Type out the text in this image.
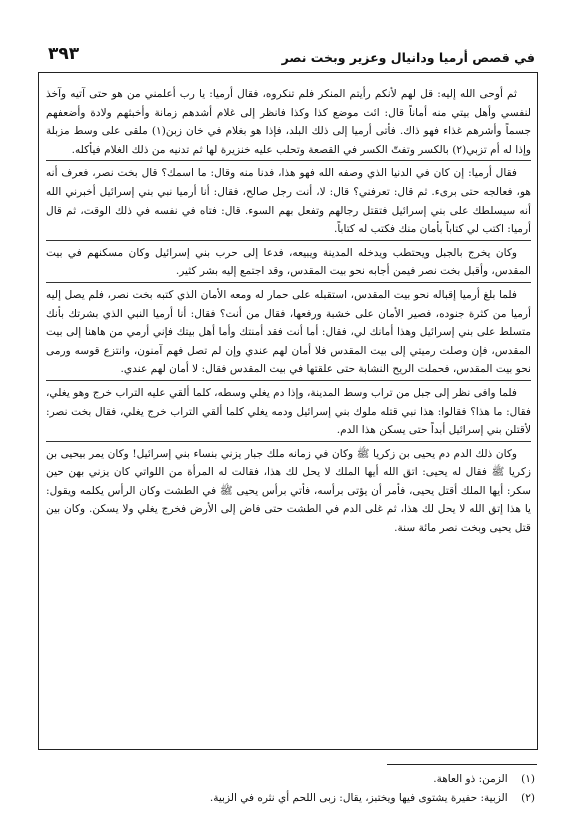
٣٩٣	في قصص أرميا ودانيال وعزير وبخت نصر

ثم أوحى الله إليه: قل لهم لأنكم رأيتم المنكر فلم تنكروه، فقال أرميا: يا رب أعلمني من هو حتى آتيه وآخذ لنفسي وأهل بيتي منه أماناً قال: ائت موضع كذا وكذا فانظر إلى غلام أشدهم زمانة وأخبثهم ولادة وأضعفهم جسماً وأشرهم غذاء فهو ذاك. فأتى أرميا إلى ذلك البلد، فإذا هو بغلام في خان زبن(١) ملقى على وسط مزبلة وإذا له أم تزبي(٢) بالكسر وتفتّ الكسر في القصعة وتحلب عليه خنزيرة لها ثم تدنيه من ذلك الغلام فيأكله.

فقال أرميا: إن كان في الدنيا الذي وصفه الله فهو هذا، فدنا منه وقال: ما اسمك؟ قال بخت نصر، فعرف أنه هو، فعالجه حتى برىء. ثم قال: تعرفني؟ قال: لا، أنت رجل صالح، فقال: أنا أرميا نبي بني إسرائيل أخبرني الله أنه سيسلطك على بني إسرائيل فتقتل رجالهم وتفعل بهم السوء. قال: فتاه في نفسه في ذلك الوقت، ثم قال أرميا: اكتب لي كتاباً بأمان منك فكتب له كتاباً.

وكان يخرج بالجبل ويحتطب ويدخله المدينة ويبيعه، فدعا إلى حرب بني إسرائيل وكان مسكنهم في بيت المقدس، وأقبل بخت نصر فيمن أجابه نحو بيت المقدس، وقد اجتمع إليه بشر كثير.

فلما بلغ أرميا إقباله نحو بيت المقدس، استقبله على حمار له ومعه الأمان الذي كتبه بخت نصر، فلم يصل إليه أرميا من كثرة جنوده، فصير الأمان على خشبة ورفعها، فقال من أنت؟ فقال: أنا أرميا النبي الذي بشرتك بأنك متسلط على بني إسرائيل وهذا أمانك لي، فقال: أما أنت فقد أمنتك وأما أهل بيتك فإني أرمي من هاهنا إلى بيت المقدس، فإن وصلت رميتي إلى بيت المقدس فلا أمان لهم عندي وإن لم تصل فهم آمنون، وانتزع قوسه ورمى نحو بيت المقدس، فحملت الريح النشابة حتى علقتها في بيت المقدس فقال: لا أمان لهم عندي.

فلما وافى نظر إلى جبل من تراب وسط المدينة، وإذا دم يغلي وسطه، كلما ألقي عليه التراب خرج وهو يغلي، فقال: ما هذا؟ فقالوا: هذا نبي قتله ملوك بني إسرائيل ودمه يغلي كلما ألقي التراب خرج يغلي، فقال بخت نصر: لأقتلن بني إسرائيل أبداً حتى يسكن هذا الدم.

وكان ذلك الدم دم يحيى بن زكريا ﷺ وكان في زمانه ملك جبار يزني بنساء بني إسرائيل! وكان يمر بيحيى بن زكريا ﷺ فقال له يحيى: اتق الله أيها الملك لا يحل لك هذا، فقالت له المرأة من اللواتي كان يزني بهن حين سكر: أيها الملك أقتل يحيى، فأمر أن يؤتى برأسه، فأتي برأس يحيى ﷺ في الطشت وكان الرأس يكلمه ويقول: يا هذا إتق الله لا يحل لك هذا، ثم غلى الدم في الطشت حتى فاض إلى الأرض فخرج يغلي ولا يسكن. وكان بين قتل يحيى وبخت نصر مائة سنة.

(١) الزمن: ذو العاهة.
(٢) الزبية: حفيرة يشتوى فيها ويختبز، يقال: زبى اللحم أي نثره في الزبية.
